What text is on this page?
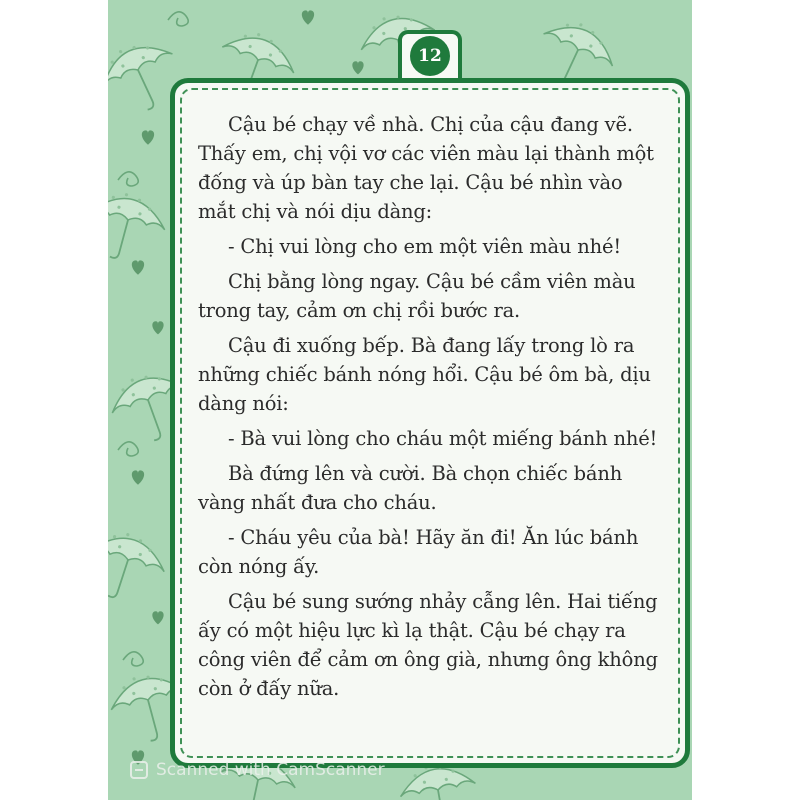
12

Cậu bé chạy về nhà. Chị của cậu đang vẽ. Thấy em, chị vội vơ các viên màu lại thành một đống và úp bàn tay che lại. Cậu bé nhìn vào mắt chị và nói dịu dàng:

- Chị vui lòng cho em một viên màu nhé!

Chị bằng lòng ngay. Cậu bé cầm viên màu trong tay, cảm ơn chị rồi bước ra.

Cậu đi xuống bếp. Bà đang lấy trong lò ra những chiếc bánh nóng hổi. Cậu bé ôm bà, dịu dàng nói:

- Bà vui lòng cho cháu một miếng bánh nhé!

Bà đứng lên và cười. Bà chọn chiếc bánh vàng nhất đưa cho cháu.

- Cháu yêu của bà! Hãy ăn đi! Ăn lúc bánh còn nóng ấy.

Cậu bé sung sướng nhảy cẫng lên. Hai tiếng ấy có một hiệu lực kì lạ thật. Cậu bé chạy ra công viên để cảm ơn ông già, nhưng ông không còn ở đấy nữa.

Scanned with CamScanner
